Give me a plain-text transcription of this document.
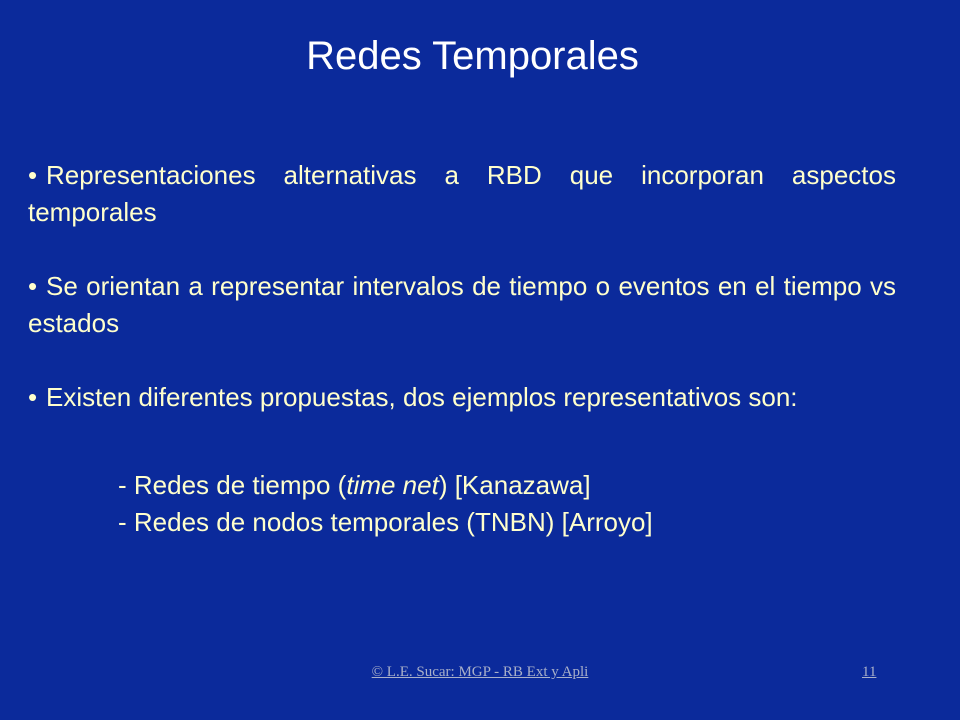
Redes Temporales
• Representaciones alternativas a RBD que incorporan aspectos temporales
• Se orientan a representar intervalos de tiempo o eventos en el tiempo vs estados
• Existen diferentes propuestas, dos ejemplos representativos son:
- Redes de tiempo (time net) [Kanazawa]
- Redes de nodos temporales (TNBN) [Arroyo]
© L.E. Sucar: MGP - RB Ext y Apli	11
